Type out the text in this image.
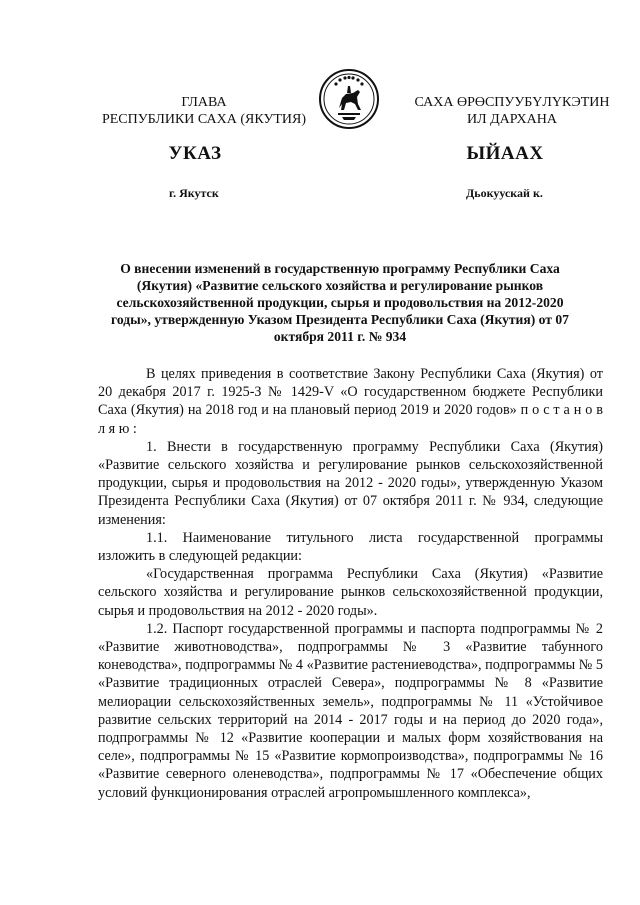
ГЛАВА
РЕСПУБЛИКИ САХА (ЯКУТИЯ)
САХА ӨРӨСПУУБҮЛҮКЭТИН
ИЛ ДАРХАНА
УКАЗ	ЫЙААХ
г. Якутск	Дьокуускай к.
О внесении изменений в государственную программу Республики Саха (Якутия) «Развитие сельского хозяйства и регулирование рынков сельскохозяйственной продукции, сырья и продовольствия на 2012-2020 годы», утвержденную Указом Президента Республики Саха (Якутия) от 07 октября 2011 г. № 934

В целях приведения в соответствие Закону Республики Саха (Якутия) от 20 декабря 2017 г. 1925-З № 1429-V «О государственном бюджете Республики Саха (Якутия) на 2018 год и на плановый период 2019 и 2020 годов» п о с т а н о в л я ю :

1. Внести в государственную программу Республики Саха (Якутия) «Развитие сельского хозяйства и регулирование рынков сельскохозяйственной продукции, сырья и продовольствия на 2012 - 2020 годы», утвержденную Указом Президента Республики Саха (Якутия) от 07 октября 2011 г. № 934, следующие изменения:

1.1. Наименование титульного листа государственной программы изложить в следующей редакции:

«Государственная программа Республики Саха (Якутия) «Развитие сельского хозяйства и регулирование рынков сельскохозяйственной продукции, сырья и продовольствия на 2012 - 2020 годы».

1.2. Паспорт государственной программы и паспорта подпрограммы № 2 «Развитие животноводства», подпрограммы № 3 «Развитие табунного коневодства», подпрограммы № 4 «Развитие растениеводства», подпрограммы № 5 «Развитие традиционных отраслей Севера», подпрограммы № 8 «Развитие мелиорации сельскохозяйственных земель», подпрограммы № 11 «Устойчивое развитие сельских территорий на 2014 - 2017 годы и на период до 2020 года», подпрограммы № 12 «Развитие кооперации и малых форм хозяйствования на селе», подпрограммы № 15 «Развитие кормопроизводства», подпрограммы № 16 «Развитие северного оленеводства», подпрограммы № 17 «Обеспечение общих условий функционирования отраслей агропромышленного комплекса»,
